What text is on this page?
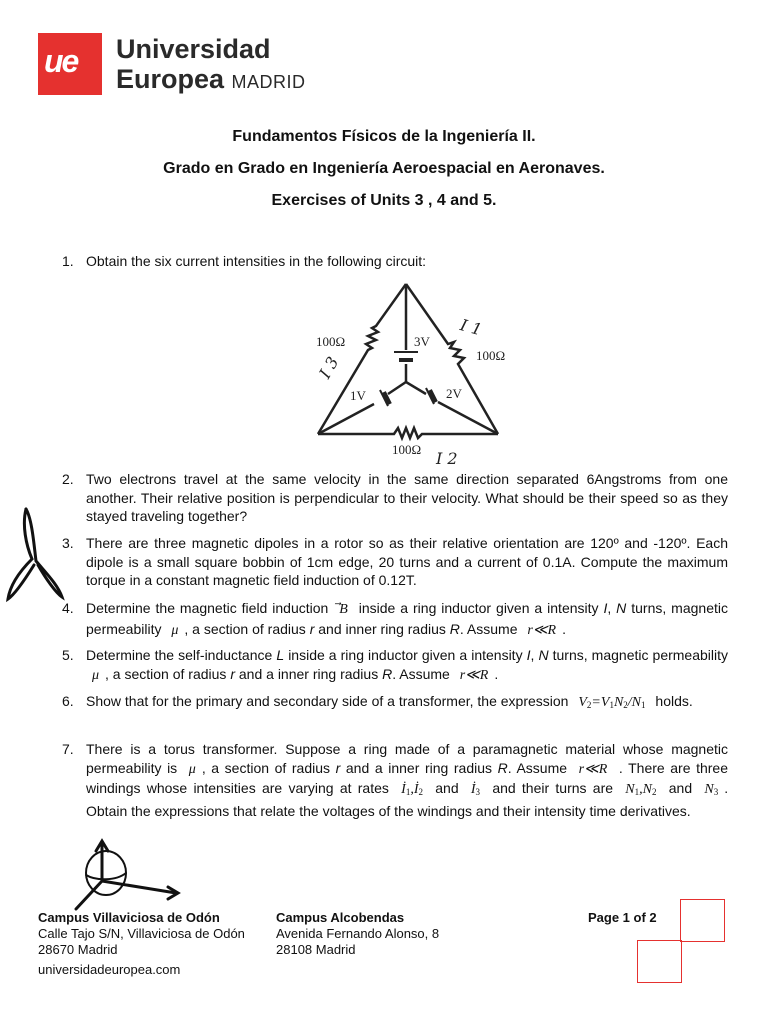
ue Universidad
Europea MADRID
Fundamentos Físicos de la Ingeniería II.
Grado en Grado en Ingeniería Aeroespacial en Aeronaves.
Exercises of Units 3 , 4 and 5.
1. Obtain the six current intensities in the following circuit:
100Ω
100Ω
100Ω
3V
1V	2V
I 1
I 2
I 3
2. Two electrons travel at the same velocity in the same direction separated 6Angstroms from one another. Their relative position is perpendicular to their velocity. What should be their speed so as they stayed traveling together?
3. There are three magnetic dipoles in a rotor so as their relative orientation are 120º and -120º. Each dipole is a small square bobbin of 1cm edge, 20 turns and a current of 0.1A. Compute the maximum torque in a constant magnetic field induction of 0.12T.
4. Determine the magnetic field induction B inside a ring inductor given a intensity I, N turns, magnetic permeability μ , a section of radius r and inner ring radius R. Assume r≪R .
5. Determine the self-inductance L inside a ring inductor given a intensity I, N turns, magnetic permeability μ , a section of radius r and a inner ring radius R. Assume r≪R .
6. Show that for the primary and secondary side of a transformer, the expression $V_2=V_1N_2/N_1$ holds.
7. There is a torus transformer. Suppose a ring made of a paramagnetic material whose magnetic permeability is μ , a section of radius r and a inner ring radius R. Assume r≪R . There are three windings whose intensities are varying at rates $İ_1,İ_2$ and $İ_3$ and their turns are $N_1,N_2$ and $N_3$ . Obtain the expressions that relate the voltages of the windings and their intensity time derivatives.
Campus Villaviciosa de Odón
Calle Tajo S/N, Villaviciosa de Odón
28670 Madrid
Campus Alcobendas
Avenida Fernando Alonso, 8
28108 Madrid
universidadeuropea.com
Page 1 of 2
